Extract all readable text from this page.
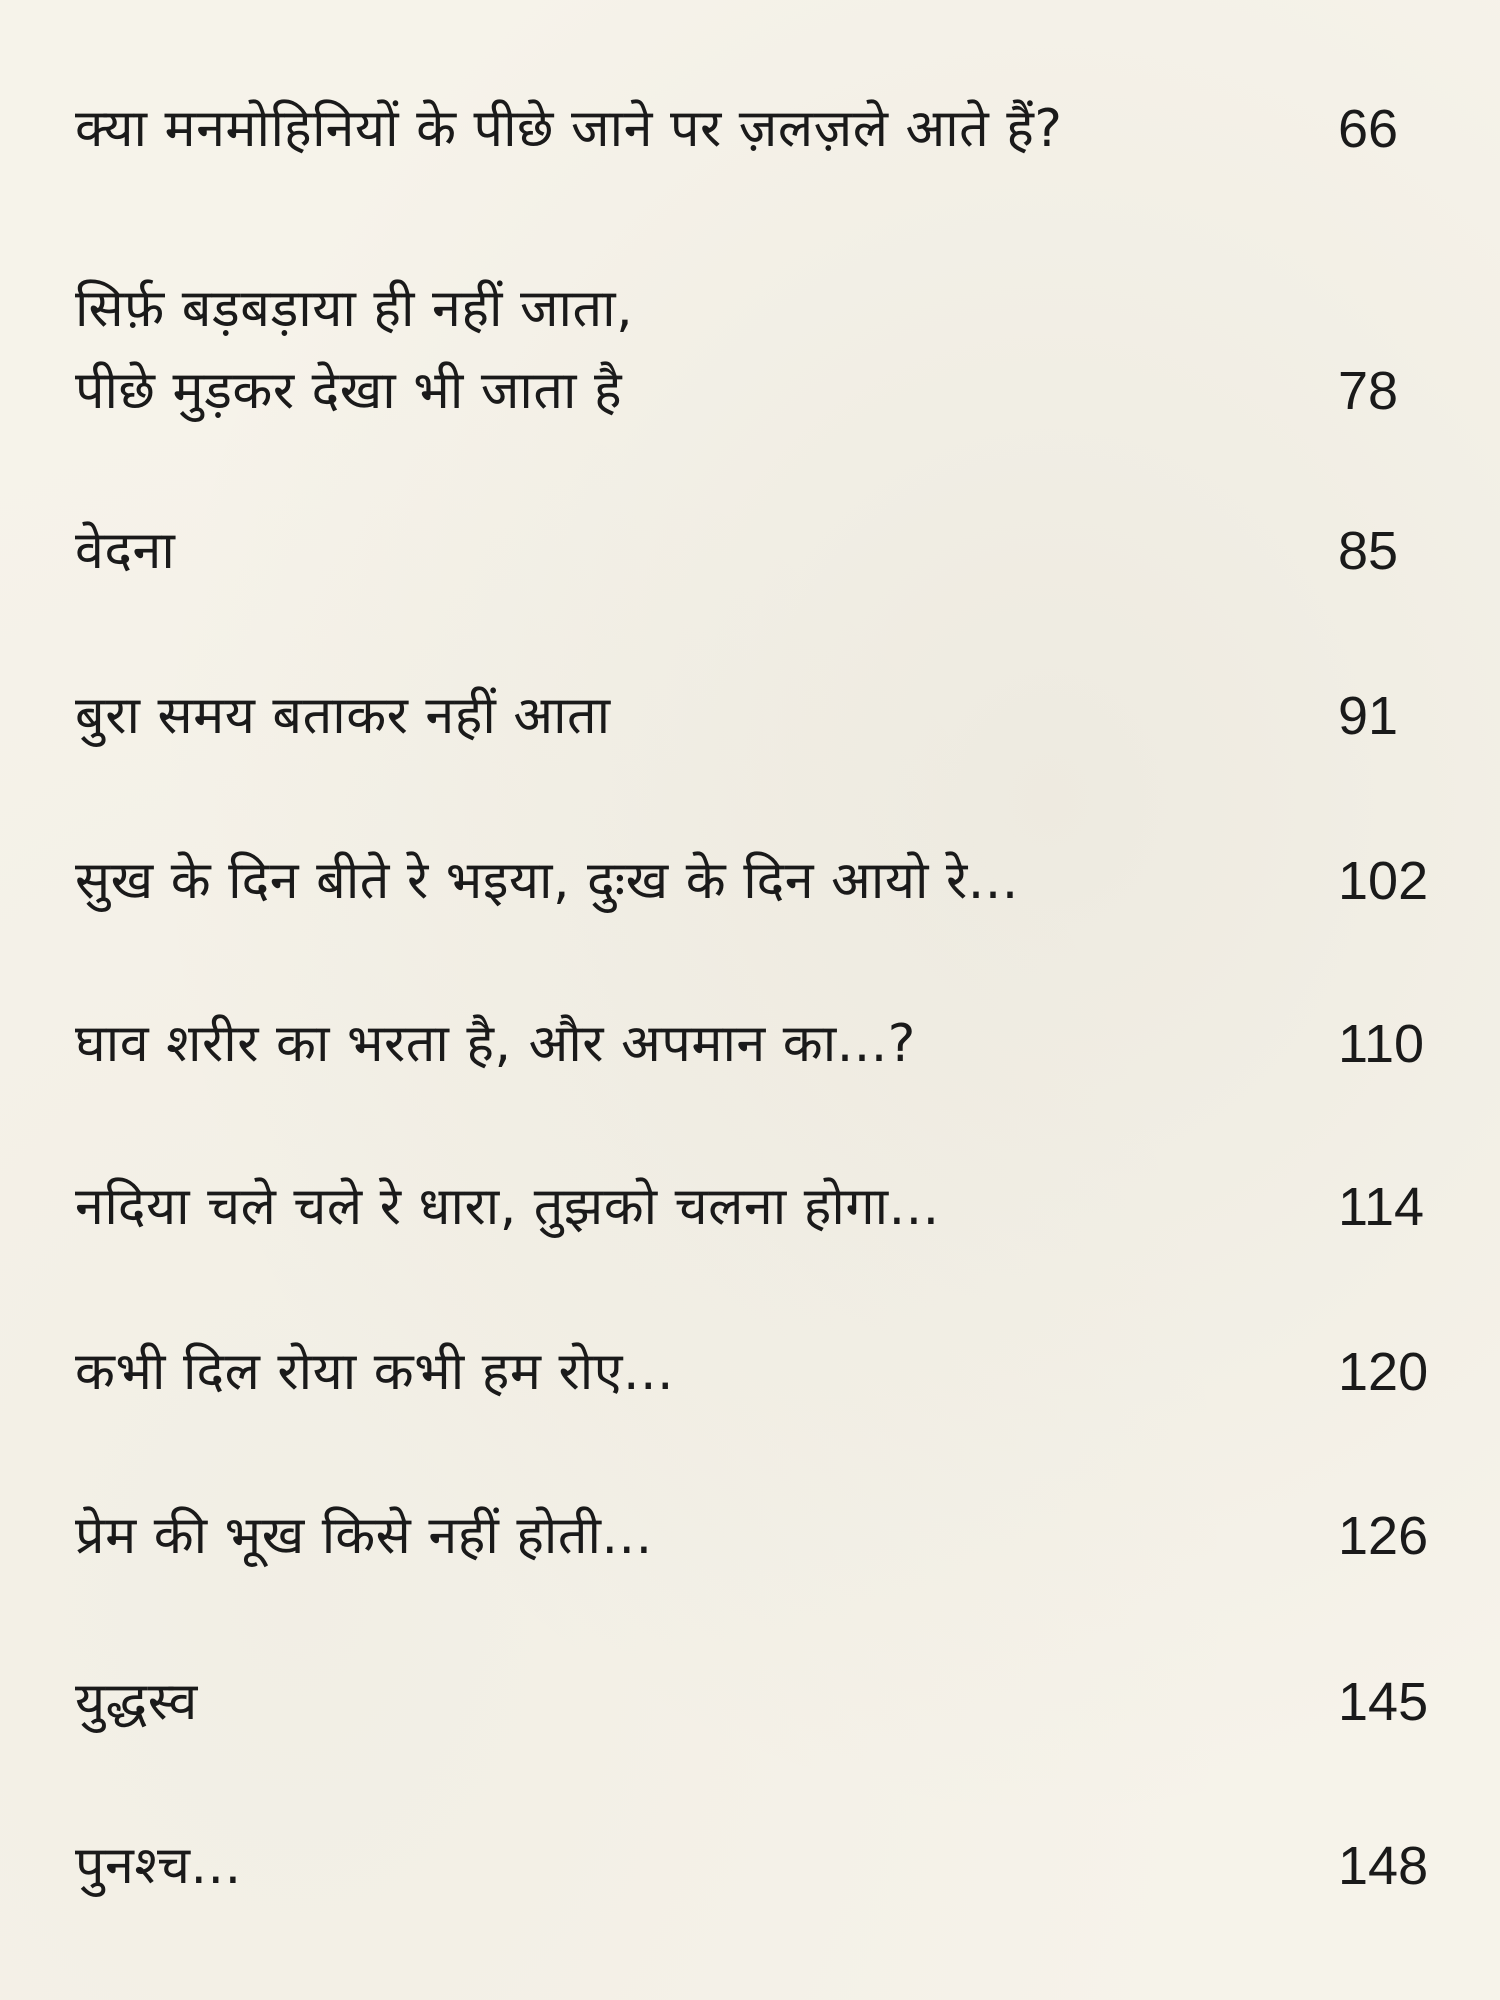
क्या मनमोहिनियों के पीछे जाने पर ज़लज़ले आते हैं?	66
सिर्फ़ बड़बड़ाया ही नहीं जाता,
पीछे मुड़कर देखा भी जाता है	78
वेदना	85
बुरा समय बताकर नहीं आता	91
सुख के दिन बीते रे भइया, दुःख के दिन आयो रे...	102
घाव शरीर का भरता है, और अपमान का...?	110
नदिया चले चले रे धारा, तुझको चलना होगा...	114
कभी दिल रोया कभी हम रोए...	120
प्रेम की भूख किसे नहीं होती...	126
युद्धस्व	145
पुनश्च...	148
